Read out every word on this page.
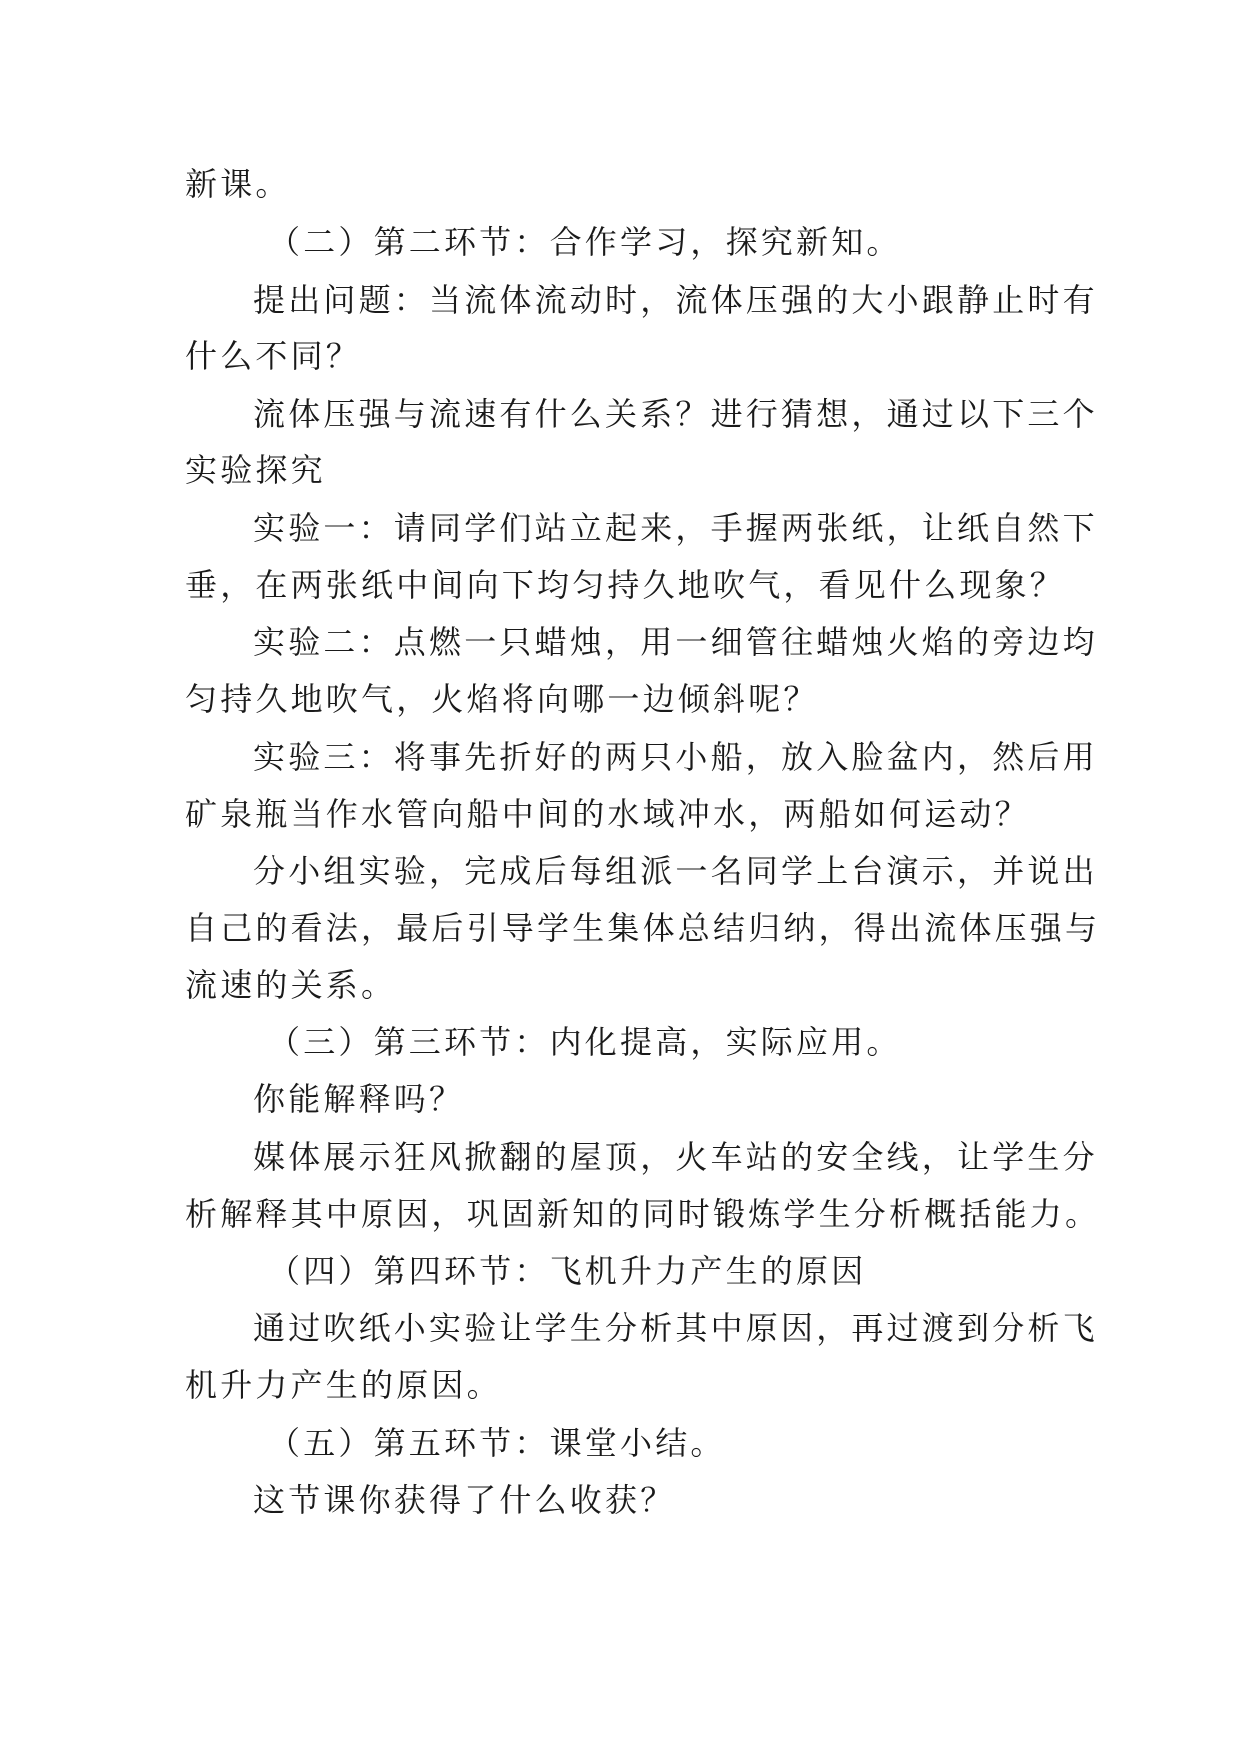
新课。

（二）第二环节：合作学习，探究新知。

提出问题：当流体流动时，流体压强的大小跟静止时有

什么不同？

流体压强与流速有什么关系？进行猜想，通过以下三个

实验探究

实验一：请同学们站立起来，手握两张纸，让纸自然下

垂，在两张纸中间向下均匀持久地吹气，看见什么现象？

实验二：点燃一只蜡烛，用一细管往蜡烛火焰的旁边均

匀持久地吹气，火焰将向哪一边倾斜呢？

实验三：将事先折好的两只小船，放入脸盆内，然后用

矿泉瓶当作水管向船中间的水域冲水，两船如何运动？

分小组实验，完成后每组派一名同学上台演示，并说出

自己的看法，最后引导学生集体总结归纳，得出流体压强与

流速的关系。

（三）第三环节：内化提高，实际应用。

你能解释吗？

媒体展示狂风掀翻的屋顶，火车站的安全线，让学生分

析解释其中原因，巩固新知的同时锻炼学生分析概括能力。

（四）第四环节：飞机升力产生的原因

通过吹纸小实验让学生分析其中原因，再过渡到分析飞

机升力产生的原因。

（五）第五环节：课堂小结。

这节课你获得了什么收获？
